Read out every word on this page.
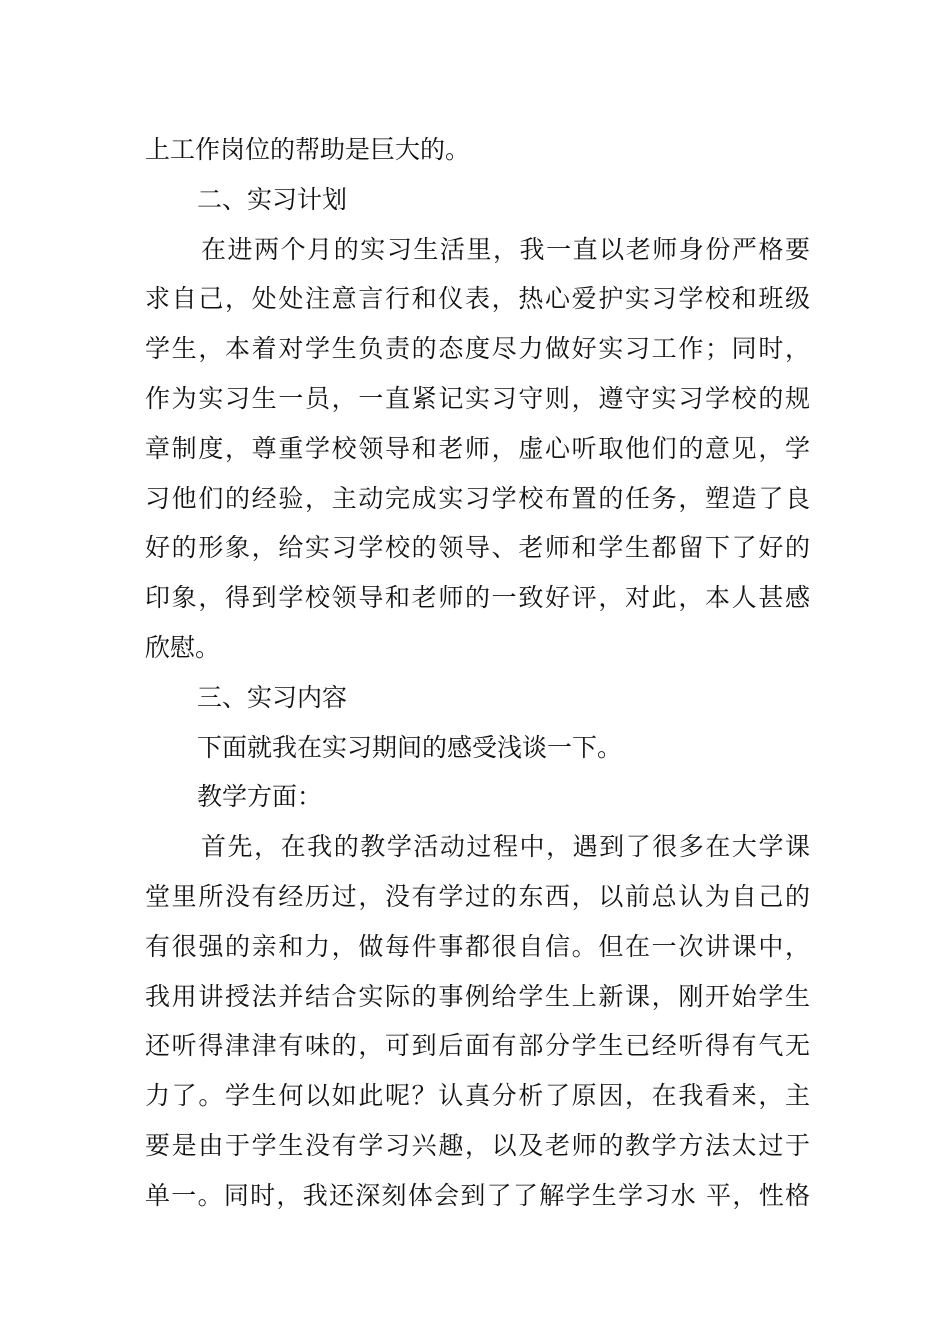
上工作岗位的帮助是巨大的。
二、实习计划
在进两个月的实习生活里，我一直以老师身份严格要
求自己，处处注意言行和仪表，热心爱护实习学校和班级
学生，本着对学生负责的态度尽力做好实习工作；同时，
作为实习生一员，一直紧记实习守则，遵守实习学校的规
章制度，尊重学校领导和老师，虚心听取他们的意见，学
习他们的经验，主动完成实习学校布置的任务，塑造了良
好的形象，给实习学校的领导、老师和学生都留下了好的
印象，得到学校领导和老师的一致好评，对此，本人甚感
欣慰。
三、实习内容
下面就我在实习期间的感受浅谈一下。
教学方面：
首先，在我的教学活动过程中，遇到了很多在大学课
堂里所没有经历过，没有学过的东西，以前总认为自己的
有很强的亲和力，做每件事都很自信。但在一次讲课中，
我用讲授法并结合实际的事例给学生上新课，刚开始学生
还听得津津有味的，可到后面有部分学生已经听得有气无
力了。学生何以如此呢？认真分析了原因，在我看来，主
要是由于学生没有学习兴趣，以及老师的教学方法太过于
单一。同时，我还深刻体会到了了解学生学习水 平，性格
